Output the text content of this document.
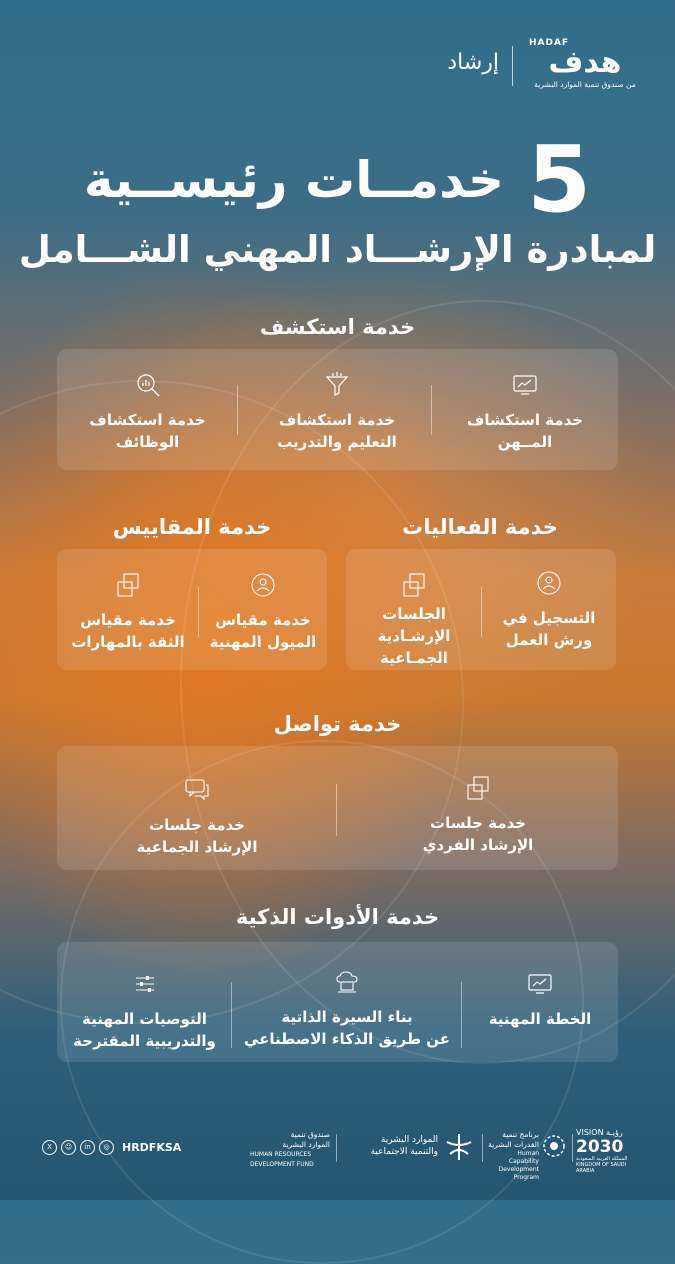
HADAF
هدف
من صندوق تنمية الموارد البشرية
إرشاد
5 خدمــات رئيســية
لمبادرة الإرشـــاد المهني الشـــامل
خدمة استكشف
خدمة استكشاف
المــهن
خدمة استكشاف
التعليم والتدريب
خدمة استكشاف
الوظائف
خدمة الفعاليات
التسجيل في
ورش العمل
الجلسات
الإرشـادية
الجمـاعية
خدمة المقاييس
خدمة مقياس
الميول المهنية
خدمة مقياس
الثقة بالمهارات
خدمة تواصل
خدمة جلسات
الإرشاد الفردي
خدمة جلسات
الإرشاد الجماعية
خدمة الأدوات الذكية
الخطة المهنية
بناء السيرة الذاتية
عن طريق الذكاء الاصطناعي
التوصيات المهنية
والتدريبية المقترحة
X	☺	in	◎	HRDFKSA
صندوق تنمية
الموارد البشرية
HUMAN RESOURCES
DEVELOPMENT FUND
الموارد البشرية
والتنمية الاجتماعية
برنامج تنمية
القدرات البشرية
Human Capability
Development Program
VISION رؤيـة
2030
المملكة العربية السعودية
KINGDOM OF SAUDI ARABIA
